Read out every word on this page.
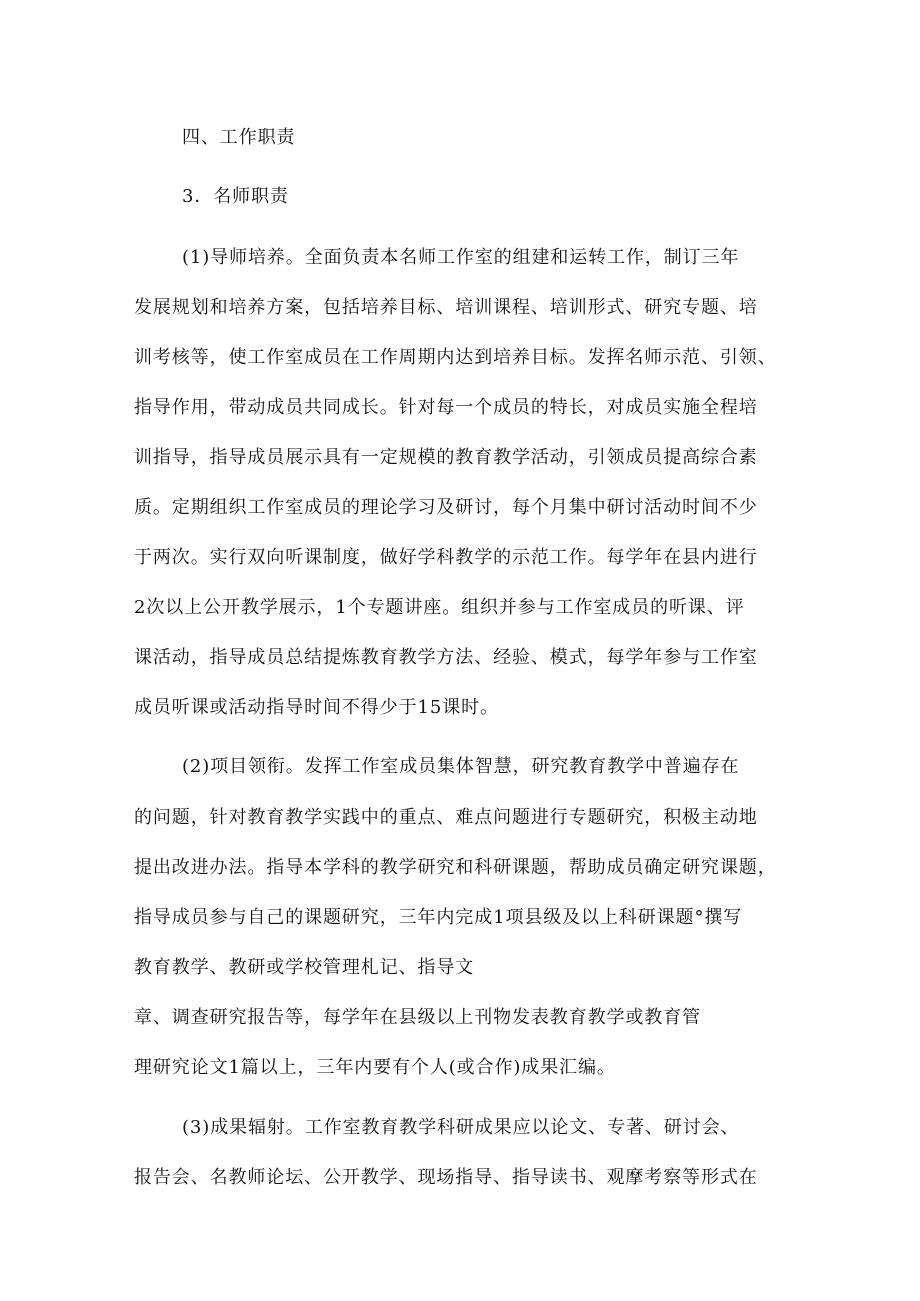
四、工作职责
3．名师职责
(1)导师培养。全面负责本名师工作室的组建和运转工作，制订三年
发展规划和培养方案，包括培养目标、培训课程、培训形式、研究专题、培
训考核等，使工作室成员在工作周期内达到培养目标。发挥名师示范、引领、
指导作用，带动成员共同成长。针对每一个成员的特长，对成员实施全程培
训指导，指导成员展示具有一定规模的教育教学活动，引领成员提高综合素
质。定期组织工作室成员的理论学习及研讨，每个月集中研讨活动时间不少
于两次。实行双向听课制度，做好学科教学的示范工作。每学年在县内进行
2次以上公开教学展示，1个专题讲座。组织并参与工作室成员的听课、评
课活动，指导成员总结提炼教育教学方法、经验、模式，每学年参与工作室
成员听课或活动指导时间不得少于15课时。
(2)项目领衔。发挥工作室成员集体智慧，研究教育教学中普遍存在
的问题，针对教育教学实践中的重点、难点问题进行专题研究，积极主动地
提出改进办法。指导本学科的教学研究和科研课题，帮助成员确定研究课题，
指导成员参与自己的课题研究，三年内完成1项县级及以上科研课题°撰写
教育教学、教研或学校管理札记、指导文
章、调查研究报告等，每学年在县级以上刊物发表教育教学或教育管
理研究论文1篇以上，三年内要有个人(或合作)成果汇编。
(3)成果辐射。工作室教育教学科研成果应以论文、专著、研讨会、
报告会、名教师论坛、公开教学、现场指导、指导读书、观摩考察等形式在
